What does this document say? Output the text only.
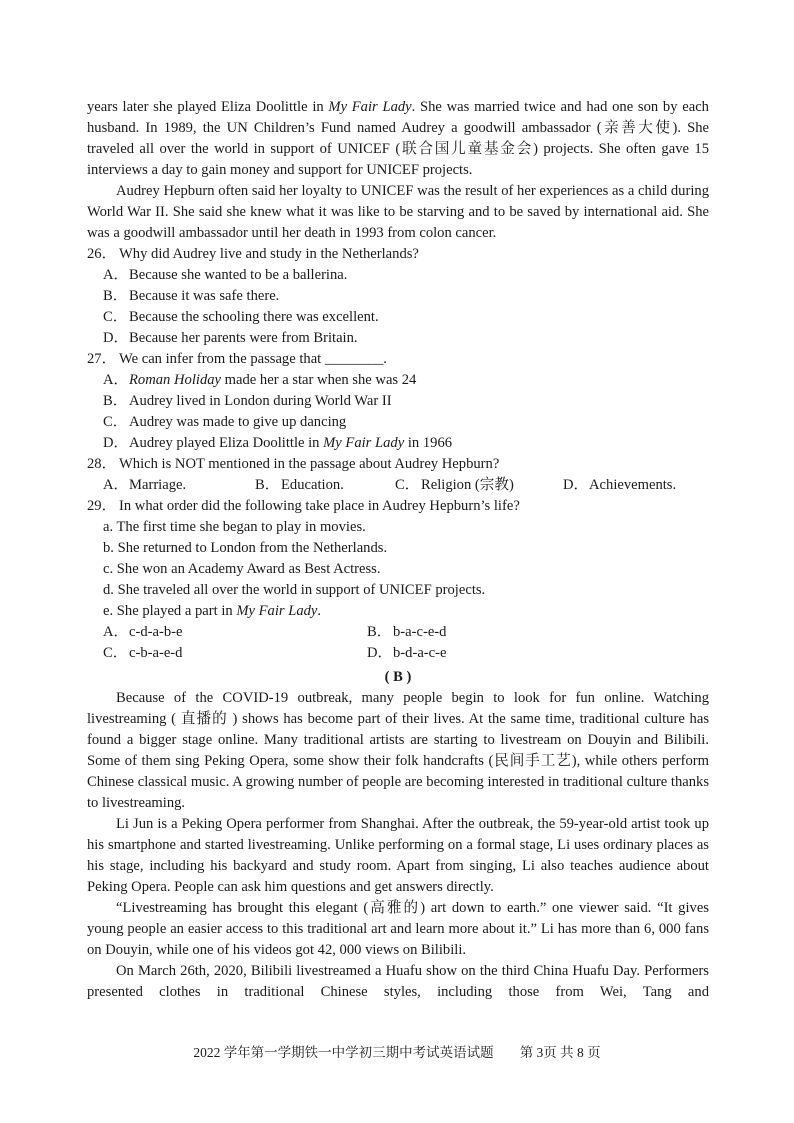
years later she played Eliza Doolittle in My Fair Lady. She was married twice and had one son by each husband. In 1989, the UN Children’s Fund named Audrey a goodwill ambassador (亲善大使). She traveled all over the world in support of UNICEF (联合国儿童基金会) projects. She often gave 15 interviews a day to gain money and support for UNICEF projects.

Audrey Hepburn often said her loyalty to UNICEF was the result of her experiences as a child during World War II. She said she knew what it was like to be starving and to be saved by international aid. She was a goodwill ambassador until her death in 1993 from colon cancer.

26． Why did Audrey live and study in the Netherlands?
A．Because she wanted to be a ballerina.
B． Because it was safe there.
C． Because the schooling there was excellent.
D．Because her parents were from Britain.
27． We can infer from the passage that ________.
A．Roman Holiday made her a star when she was 24
B． Audrey lived in London during World War II
C． Audrey was made to give up dancing
D．Audrey played Eliza Doolittle in My Fair Lady in 1966
28． Which is NOT mentioned in the passage about Audrey Hepburn?
A．Marriage.	B． Education.	C． Religion (宗教)	D．Achievements.
29． In what order did the following take place in Audrey Hepburn’s life?
a. The first time she began to play in movies.
b. She returned to London from the Netherlands.
c. She won an Academy Award as Best Actress.
d. She traveled all over the world in support of UNICEF projects.
e. She played a part in My Fair Lady.
A．c-d-a-b-e	B． b-a-c-e-d
C． c-b-a-e-d	D．b-d-a-c-e
( B )

Because of the COVID-19 outbreak, many people begin to look for fun online. Watching livestreaming ( 直播的 ) shows has become part of their lives. At the same time, traditional culture has found a bigger stage online. Many traditional artists are starting to livestream on Douyin and Bilibili. Some of them sing Peking Opera, some show their folk handcrafts (民间手工艺), while others perform Chinese classical music. A growing number of people are becoming interested in traditional culture thanks to livestreaming.

Li Jun is a Peking Opera performer from Shanghai. After the outbreak, the 59-year-old artist took up his smartphone and started livestreaming. Unlike performing on a formal stage, Li uses ordinary places as his stage, including his backyard and study room. Apart from singing, Li also teaches audience about Peking Opera. People can ask him questions and get answers directly.

“Livestreaming has brought this elegant (高雅的) art down to earth.” one viewer said. “It gives young people an easier access to this traditional art and learn more about it.” Li has more than 6, 000 fans on Douyin, while one of his videos got 42, 000 views on Bilibili.

On March 26th, 2020, Bilibili livestreamed a Huafu show on the third China Huafu Day. Performers presented clothes in traditional Chinese styles, including those from Wei, Tang and

2022 学年第一学期铁一中学初三期中考试英语试题 第 3页 共 8 页
